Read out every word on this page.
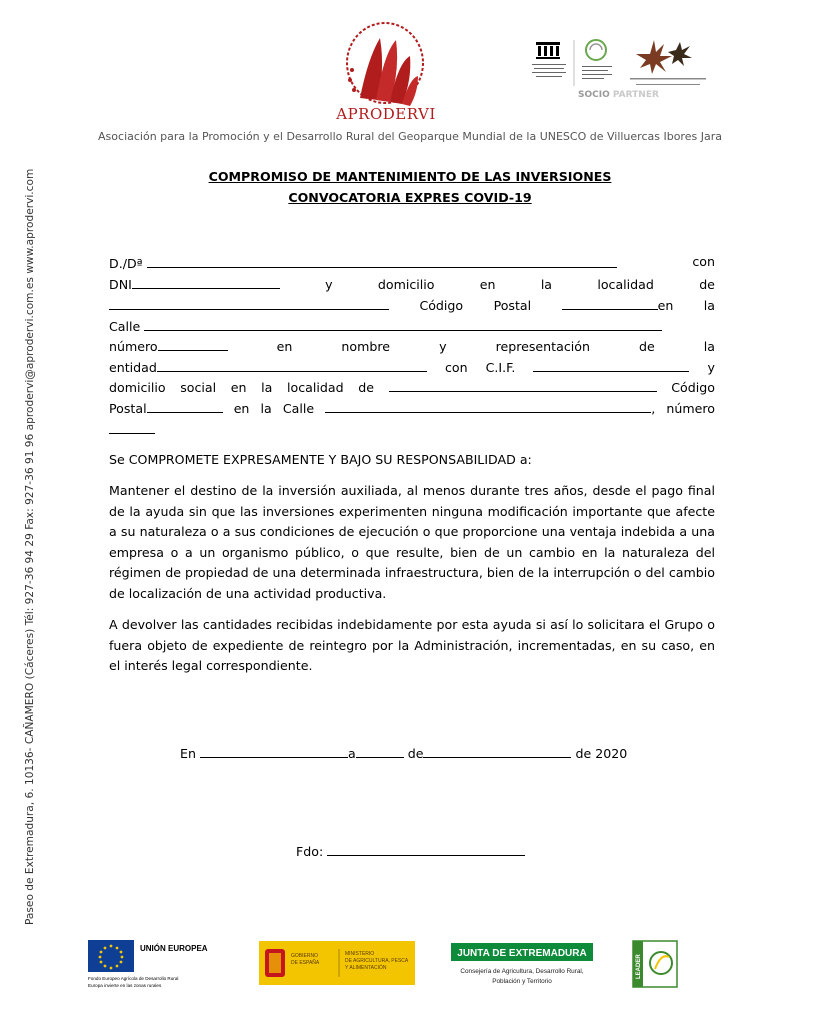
APRODERVI
SOCIO PARTNER
Asociación para la Promoción y el Desarrollo Rural del Geoparque Mundial de la UNESCO de Villuercas Ibores Jara
Paseo de Extremadura, 6. 10136- CAÑAMERO (Cáceres) Tél: 927-36 94 29 Fax: 927-36 91 96 aprodervi@aprodervi.com.es www.aprodervi.com	COMPROMISO DE MANTENIMIENTO DE LAS INVERSIONES
CONVOCATORIA EXPRES COVID-19
D./Dª	con
DNI	y	domicilio	en	la	localidad	de
Código Postal	en la
Calle
número	en	nombre	y	representación	de	la
entidad	con C.I.F.	y
domicilio social en la localidad de	Código
Postal	en la Calle	, número
Se COMPROMETE EXPRESAMENTE Y BAJO SU RESPONSABILIDAD a:
Mantener el destino de la inversión auxiliada, al menos durante tres años, desde el pago final de la ayuda sin que las inversiones experimenten ninguna modificación importante que afecte a su naturaleza o a sus condiciones de ejecución o que proporcione una ventaja indebida a una empresa o a un organismo público, o que resulte, bien de un cambio en la naturaleza del régimen de propiedad de una determinada infraestructura, bien de la interrupción o del cambio de localización de una actividad productiva.
A devolver las cantidades recibidas indebidamente por esta ayuda si así lo solicitara el Grupo o fuera objeto de expediente de reintegro por la Administración, incrementadas, en su caso, en el interés legal correspondiente.
En	a	de	de 2020
Fdo:
UNIÓN EUROPEA
Fondo Europeo Agrícola de Desarrollo Rural
Europa invierte en las zonas rurales
GOBIERNO
DE ESPAÑA
MINISTERIO
DE AGRICULTURA, PESCA
Y ALIMENTACIÓN
JUNTA DE EXTREMADURA
Consejería de Agricultura, Desarrollo Rural,
Población y Territorio
LEADER
